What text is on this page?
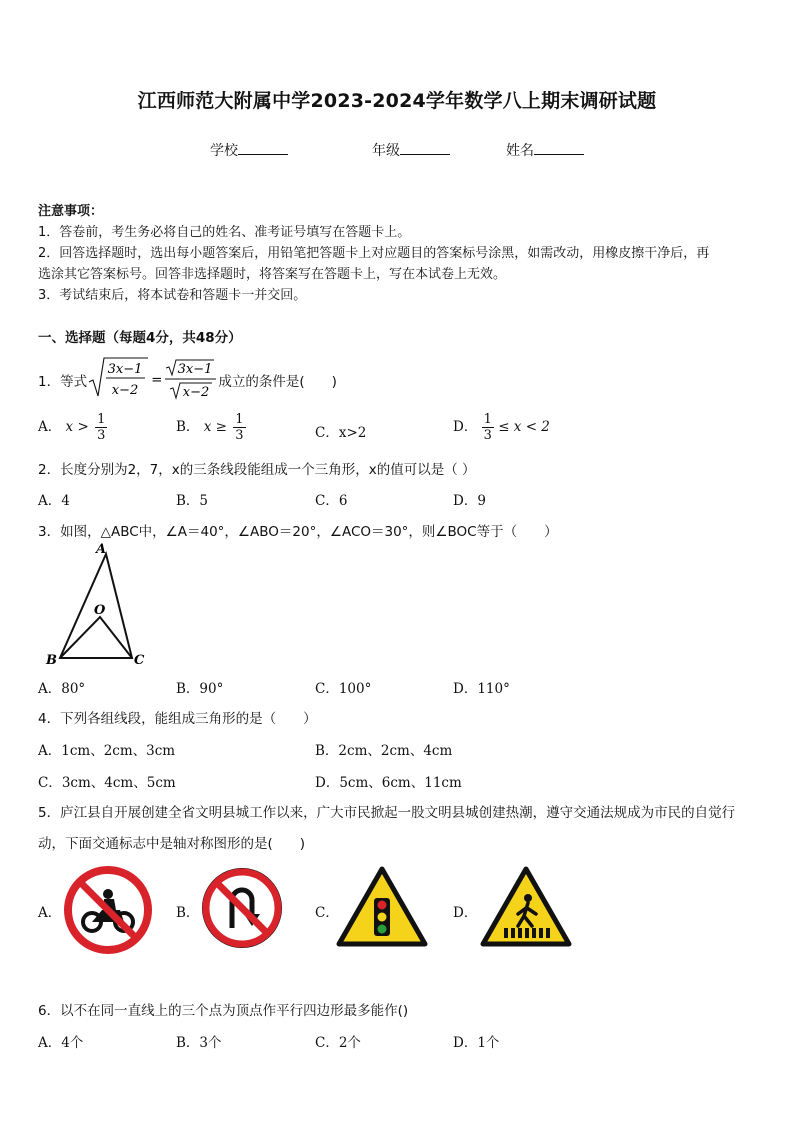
江西师范大附属中学2023-2024学年数学八上期末调研试题
学校	年级	姓名
注意事项：
1．答卷前，考生务必将自己的姓名、准考证号填写在答题卡上。
2．回答选择题时，选出每小题答案后，用铅笔把答题卡上对应题目的答案标号涂黑，如需改动，用橡皮擦干净后，再
选涂其它答案标号。回答非选择题时，将答案写在答题卡上，写在本试卷上无效。
3．考试结束后，将本试卷和答题卡一并交回。
一、选择题（每题4分，共48分）
1．等式
3x−1
x−2
=
3x−1
x−2
成立的条件是(　　)
A． $x > \frac{1}{3}$	B． $x \ge \frac{1}{3}$	C．x>2	D． $\frac{1}{3} \le x < 2$
2．长度分别为2，7，x的三条线段能组成一个三角形，x的值可以是（ ）
A．4	B．5	C．6	D．9
3．如图，△ABC中，∠A＝40°，∠ABO＝20°，∠ACO＝30°，则∠BOC等于（　　）
A
O
B	C
A．80°	B．90°	C．100°	D．110°
4．下列各组线段，能组成三角形的是（　　）
A．1cm、2cm、3cm	B．2cm、2cm、4cm
C．3cm、4cm、5cm	D．5cm、6cm、11cm
5．庐江县自开展创建全省文明县城工作以来，广大市民掀起一股文明县城创建热潮，遵守交通法规成为市民的自觉行
动，下面交通标志中是轴对称图形的是(　　)
A．	B．	C．	D．
6．以不在同一直线上的三个点为顶点作平行四边形最多能作()
A．4个	B．3个	C．2个	D．1个
